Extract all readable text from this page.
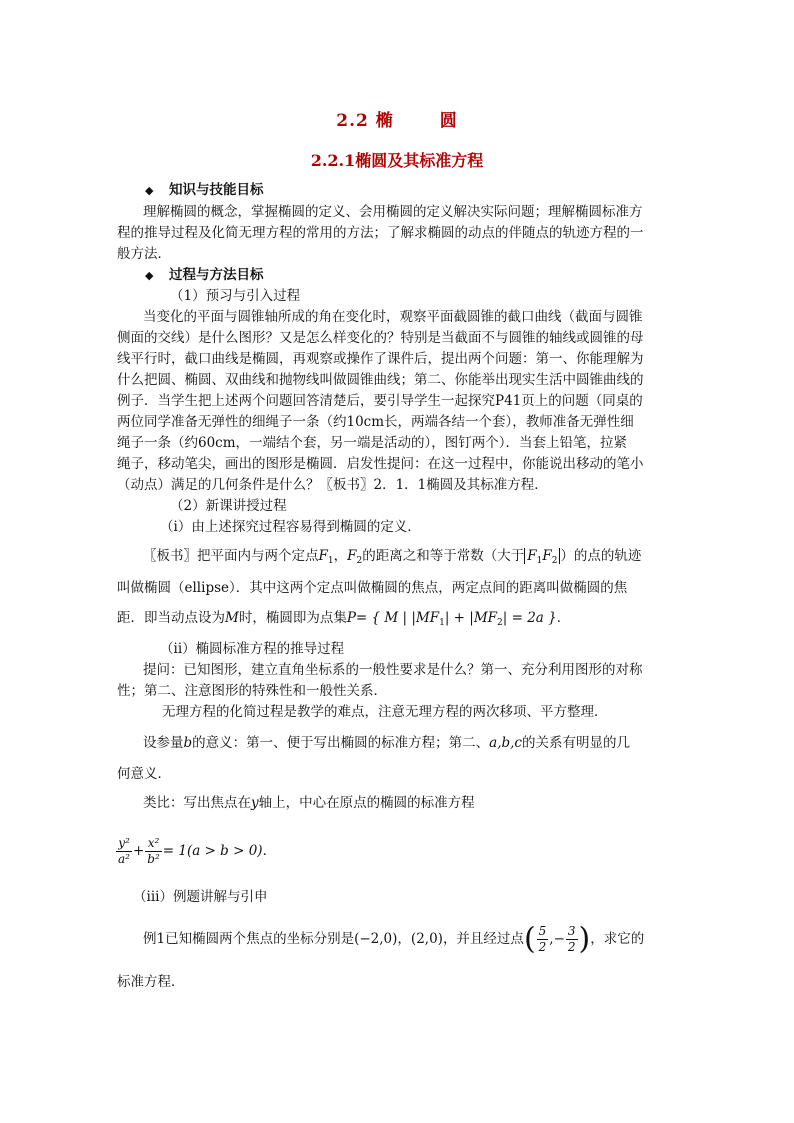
2.2 椭	圆
2.2.1椭圆及其标准方程
◆ 知识与技能目标
理解椭圆的概念，掌握椭圆的定义、会用椭圆的定义解决实际问题；理解椭圆标准方
程的推导过程及化简无理方程的常用的方法；了解求椭圆的动点的伴随点的轨迹方程的一
般方法．
◆ 过程与方法目标
（1）预习与引入过程
当变化的平面与圆锥轴所成的角在变化时，观察平面截圆锥的截口曲线（截面与圆锥
侧面的交线）是什么图形？又是怎么样变化的？特别是当截面不与圆锥的轴线或圆锥的母
线平行时，截口曲线是椭圆，再观察或操作了课件后，提出两个问题：第一、你能理解为
什么把圆、椭圆、双曲线和抛物线叫做圆锥曲线；第二、你能举出现实生活中圆锥曲线的
例子．当学生把上述两个问题回答清楚后，要引导学生一起探究P41页上的问题（同桌的
两位同学准备无弹性的细绳子一条（约10cm长，两端各结一个套），教师准备无弹性细
绳子一条（约60cm，一端结个套，另一端是活动的），图钉两个）．当套上铅笔，拉紧
绳子，移动笔尖，画出的图形是椭圆．启发性提问：在这一过程中，你能说出移动的笔小
（动点）满足的几何条件是什么？〖板书〗2．1．1椭圆及其标准方程．
（2）新课讲授过程
（i）由上述探究过程容易得到椭圆的定义．
〖板书〗把平面内与两个定点$F_1$，$F_2$的距离之和等于常数（大于 $F_1F_2$ ）的点的轨迹
叫做椭圆（ellipse）．其中这两个定点叫做椭圆的焦点，两定点间的距离叫做椭圆的焦
距．即当动点设为M时，椭圆即为点集P= { M | $|MF_1| + |MF_2| = 2a$ }．
（ii）椭圆标准方程的推导过程
提问：已知图形，建立直角坐标系的一般性要求是什么？第一、充分利用图形的对称
性；第二、注意图形的特殊性和一般性关系．
无理方程的化简过程是教学的难点，注意无理方程的两次移项、平方整理．
设参量b的意义：第一、便于写出椭圆的标准方程；第二、a,b,c的关系有明显的几
何意义．
类比：写出焦点在y轴上，中心在原点的椭圆的标准方程
$\frac{\text{y²}}{\text{a²}} + \frac{\text{x²}}{\text{b²}} = 1(a > b > 0)$．
（iii）例题讲解与引申
例1已知椭圆两个焦点的坐标分别是(−2,0)，(2,0)，并且经过点( $\frac{5}{2}$ ,− $\frac{3}{2}$ )，求它的
标准方程．
